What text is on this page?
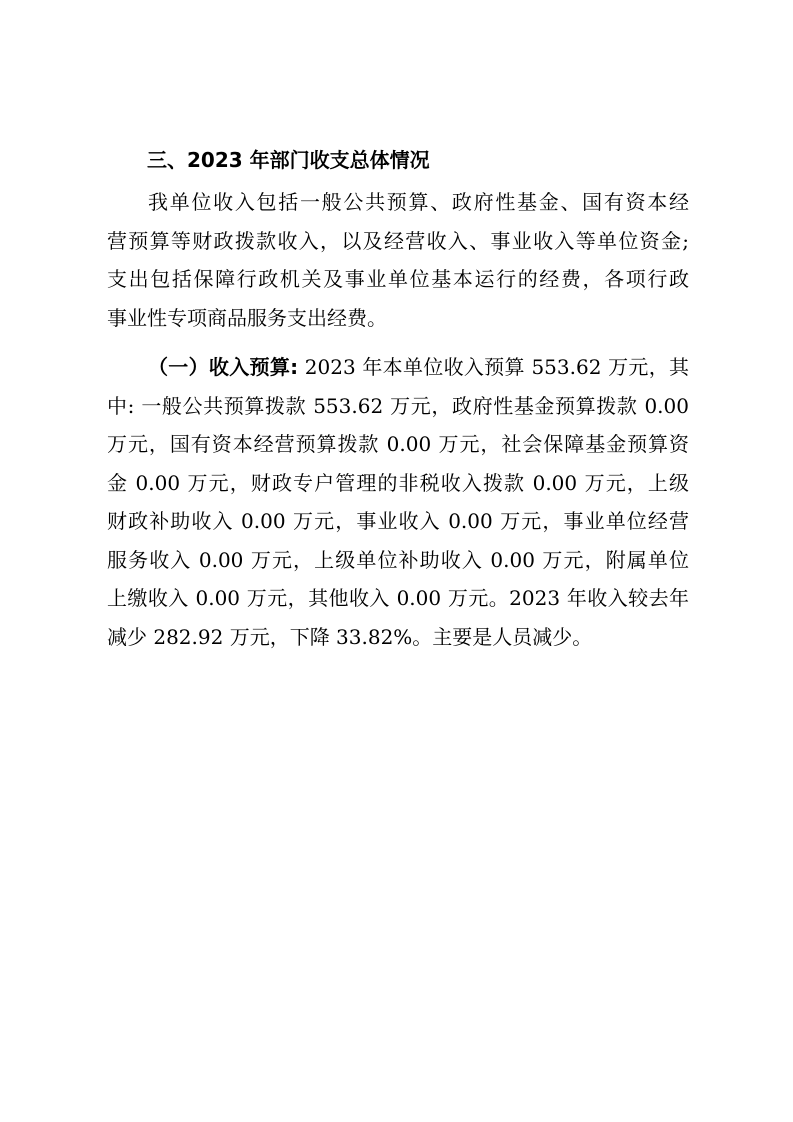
三、2023 年部门收支总体情况
我单位收入包括一般公共预算、政府性基金、国有资本经
营预算等财政拨款收入，以及经营收入、事业收入等单位资金;
支出包括保障行政机关及事业单位基本运行的经费，各项行政
事业性专项商品服务支出经费。
（一）收入预算: 2023 年本单位收入预算 553.62 万元，其
中: 一般公共预算拨款 553.62 万元，政府性基金预算拨款 0.00
万元，国有资本经营预算拨款 0.00 万元，社会保障基金预算资
金 0.00 万元，财政专户管理的非税收入拨款 0.00 万元，上级
财政补助收入 0.00 万元，事业收入 0.00 万元，事业单位经营
服务收入 0.00 万元，上级单位补助收入 0.00 万元，附属单位
上缴收入 0.00 万元，其他收入 0.00 万元。2023 年收入较去年
减少 282.92 万元，下降 33.82%。主要是人员减少。
